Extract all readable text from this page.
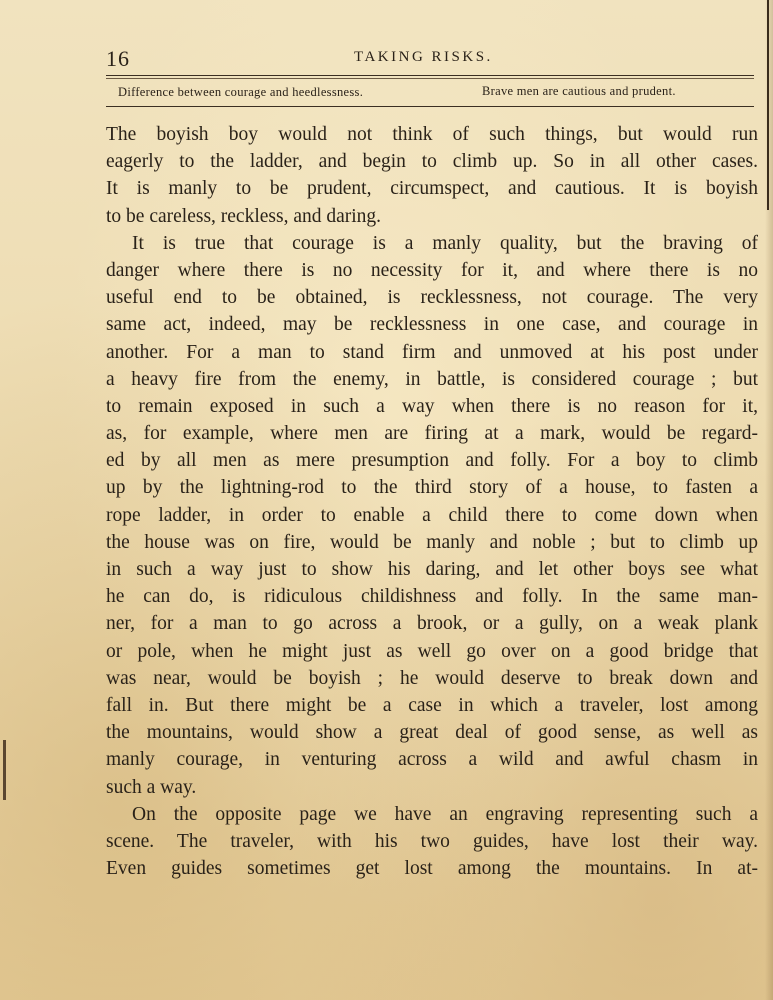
16	TAKING RISKS.
Difference between courage and heedlessness.	Brave men are cautious and prudent.
The boyish boy would not think of such things, but would run
eagerly to the ladder, and begin to climb up. So in all other cases.
It is manly to be prudent, circumspect, and cautious. It is boyish
to be careless, reckless, and daring.
It is true that courage is a manly quality, but the braving of
danger where there is no necessity for it, and where there is no
useful end to be obtained, is recklessness, not courage. The very
same act, indeed, may be recklessness in one case, and courage in
another. For a man to stand firm and unmoved at his post under
a heavy fire from the enemy, in battle, is considered courage ; but
to remain exposed in such a way when there is no reason for it,
as, for example, where men are firing at a mark, would be regard-
ed by all men as mere presumption and folly. For a boy to climb
up by the lightning-rod to the third story of a house, to fasten a
rope ladder, in order to enable a child there to come down when
the house was on fire, would be manly and noble ; but to climb up
in such a way just to show his daring, and let other boys see what
he can do, is ridiculous childishness and folly. In the same man-
ner, for a man to go across a brook, or a gully, on a weak plank
or pole, when he might just as well go over on a good bridge that
was near, would be boyish ; he would deserve to break down and
fall in. But there might be a case in which a traveler, lost among
the mountains, would show a great deal of good sense, as well as
manly courage, in venturing across a wild and awful chasm in
such a way.
On the opposite page we have an engraving representing such a
scene. The traveler, with his two guides, have lost their way.
Even guides sometimes get lost among the mountains. In at-
